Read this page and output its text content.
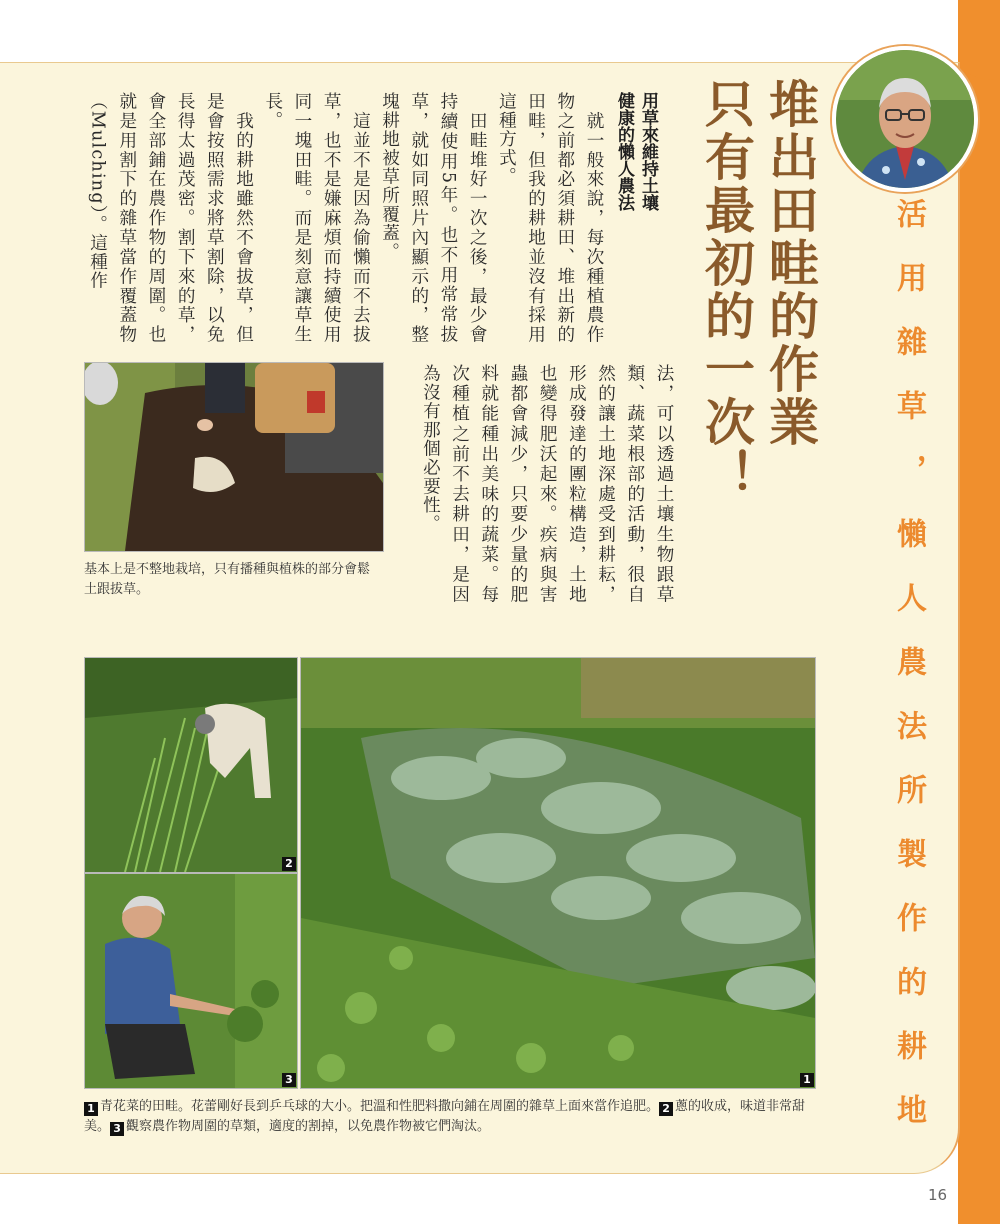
活用雜草，懶人農法所製作的耕地
堆出田畦的作業
只有最初的一次！
用草來維持土壤
健康的懶人農法
　就一般來說，每次種植農作物之前都必須耕田、堆出新的田畦，但我的耕地並沒有採用這種方式。
　田畦堆好一次之後，最少會持續使用5年。也不用常常拔草，就如同照片內顯示的，整塊耕地被草所覆蓋。
　這並不是因為偷懶而不去拔草，也不是嫌麻煩而持續使用同一塊田畦。而是刻意讓草生長。
　我的耕地雖然不會拔草，但是會按照需求將草割除，以免長得太過茂密。割下來的草，會全部鋪在農作物的周圍。也就是用割下的雜草當作覆蓋物（Mulching）。這種作
法，可以透過土壤生物跟草類、蔬菜根部的活動，很自然的讓土地深處受到耕耘，形成發達的團粒構造，土地也變得肥沃起來。疾病與害蟲都會減少，只要少量的肥料就能種出美味的蔬菜。每次種植之前不去耕田，是因為沒有那個必要性。
基本上是不整地栽培，只有播種與植株的部分會鬆土跟拔草。
2
3	1
1 青花菜的田畦。花蕾剛好長到乒乓球的大小。把溫和性肥料撒向鋪在周圍的雜草上面來當作追肥。 2 蔥的收成，味道非常甜美。 3 觀察農作物周圍的草類，適度的割掉，以免農作物被它們淘汰。
16
